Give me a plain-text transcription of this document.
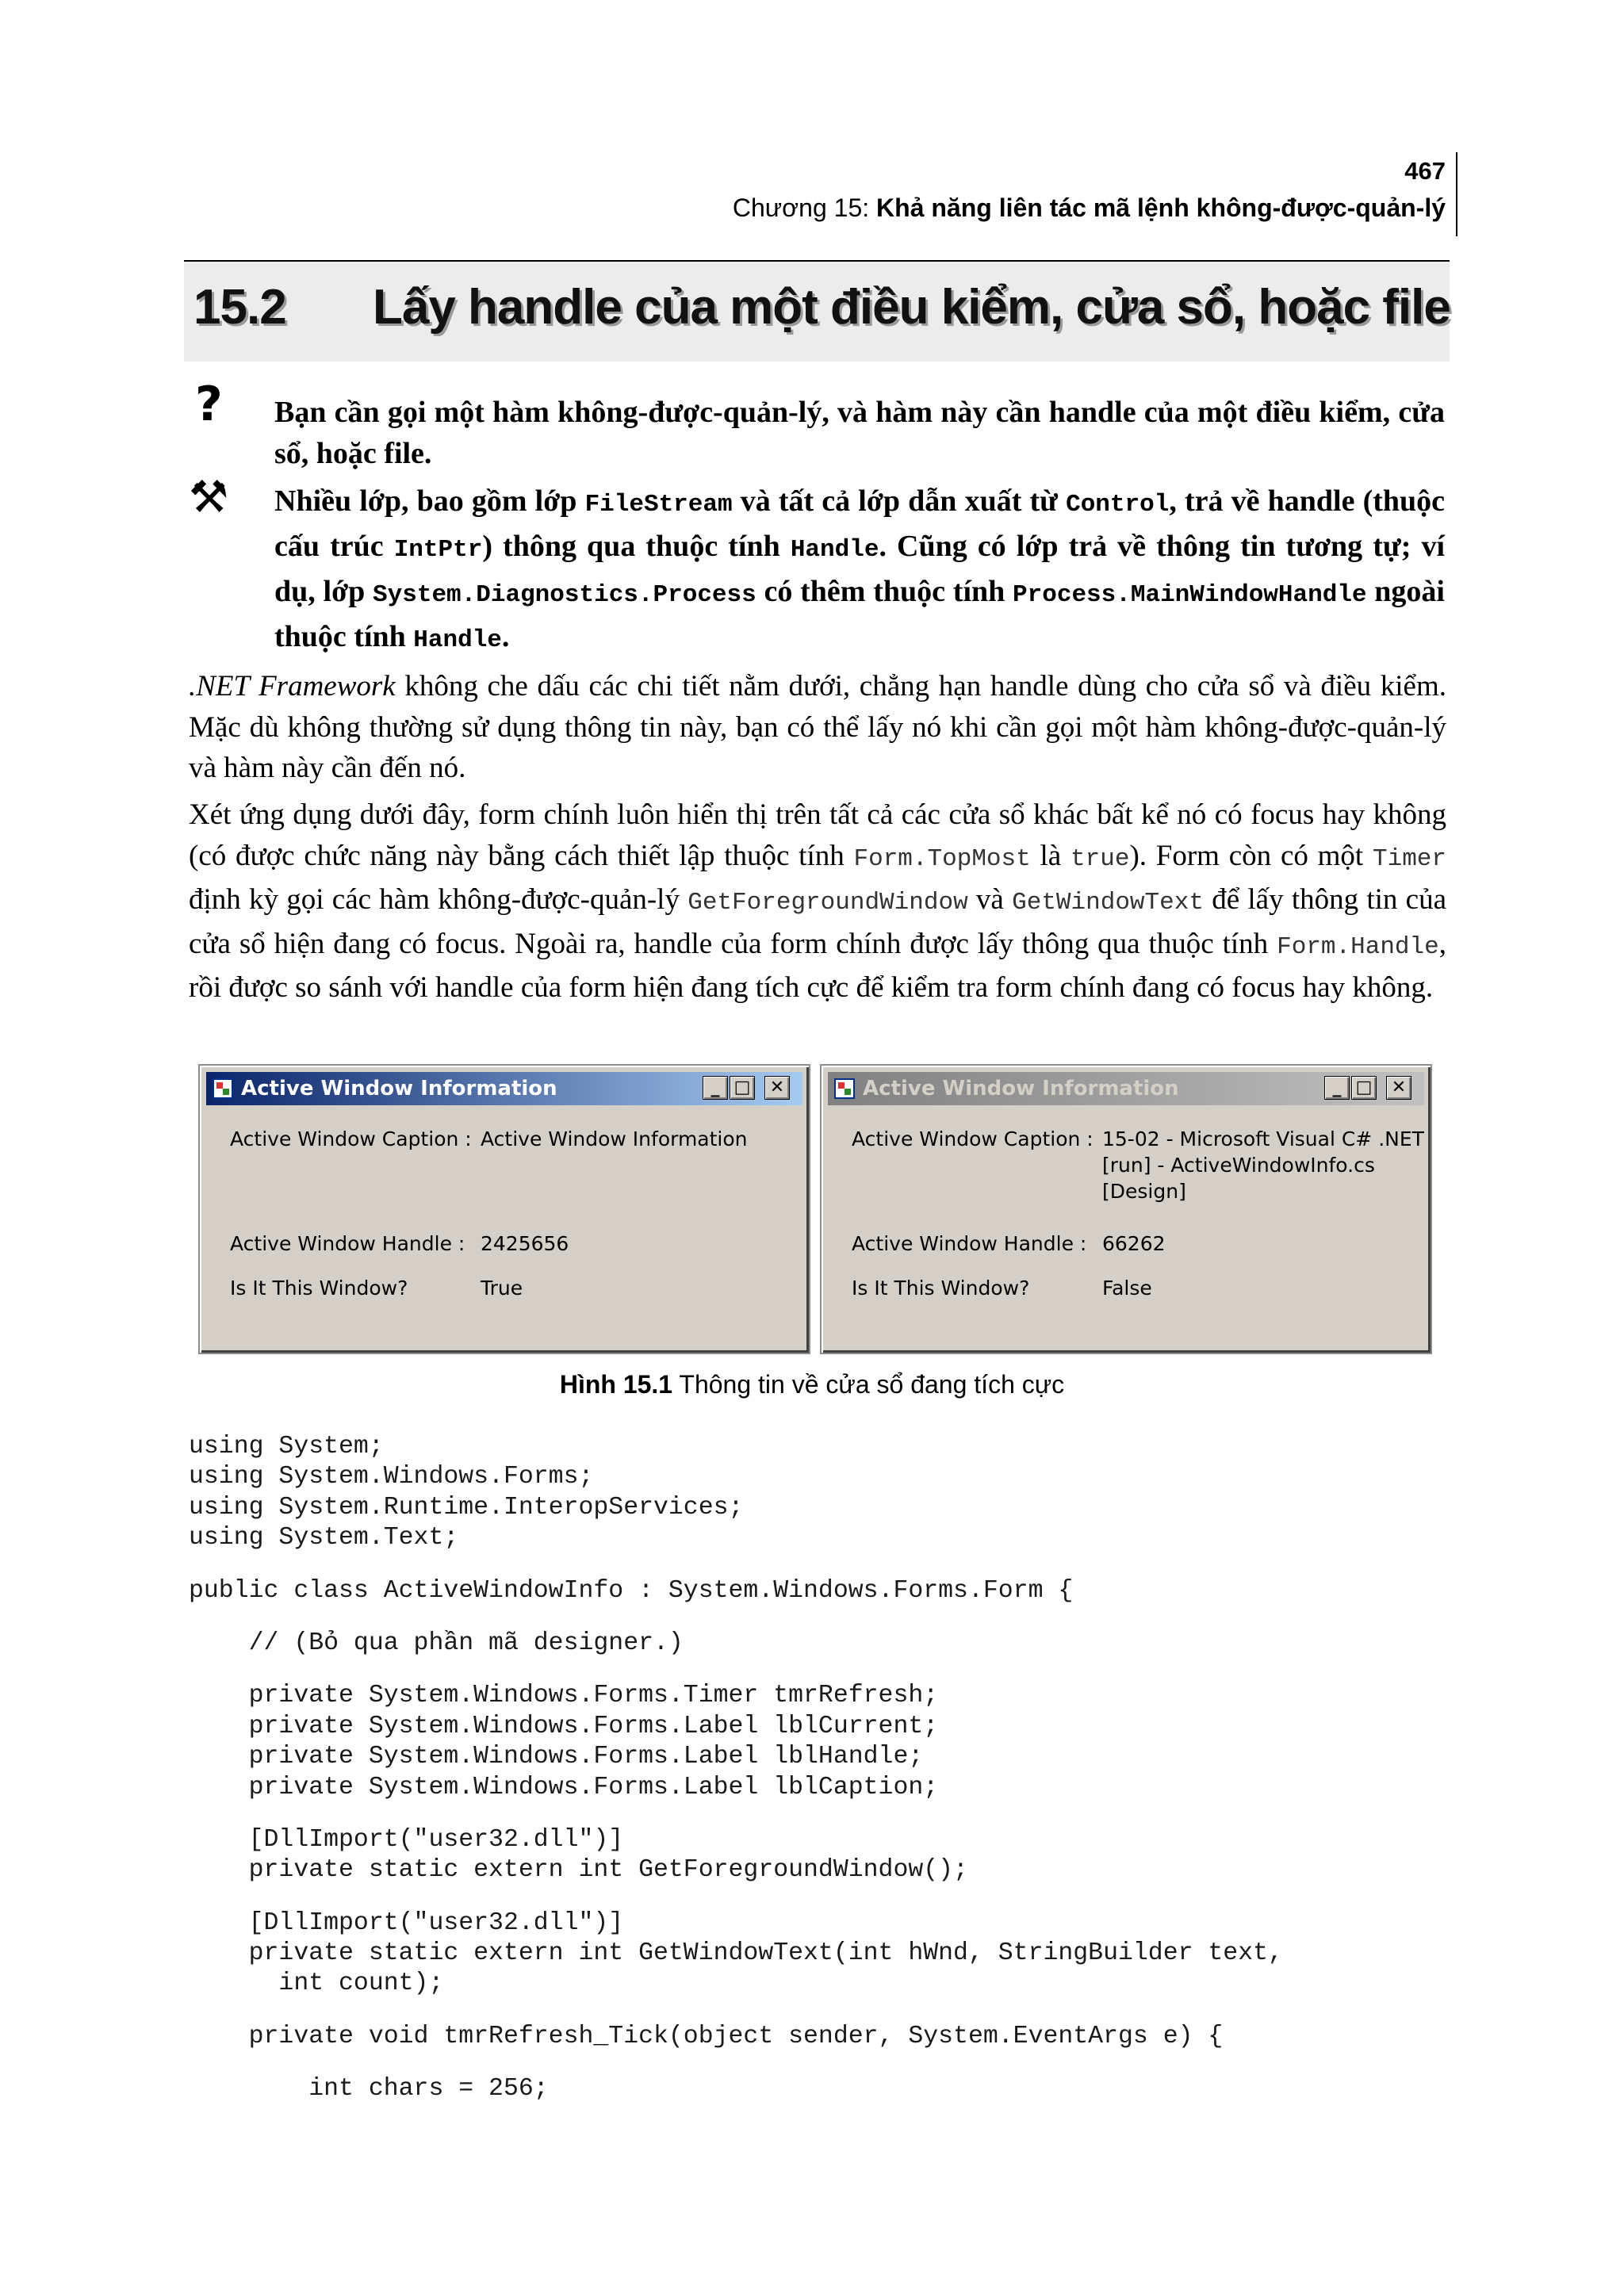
467
Chương 15: Khả năng liên tác mã lệnh không-được-quản-lý
15.2 Lấy handle của một điều kiểm, cửa sổ, hoặc file
? Bạn cần gọi một hàm không-được-quản-lý, và hàm này cần handle của một điều kiểm, cửa sổ, hoặc file.
⚒ Nhiều lớp, bao gồm lớp FileStream và tất cả lớp dẫn xuất từ Control, trả về handle (thuộc cấu trúc IntPtr) thông qua thuộc tính Handle. Cũng có lớp trả về thông tin tương tự; ví dụ, lớp System.Diagnostics.Process có thêm thuộc tính Process.MainWindowHandle ngoài thuộc tính Handle.
.NET Framework không che dấu các chi tiết nằm dưới, chẳng hạn handle dùng cho cửa sổ và điều kiểm. Mặc dù không thường sử dụng thông tin này, bạn có thể lấy nó khi cần gọi một hàm không-được-quản-lý và hàm này cần đến nó.
Xét ứng dụng dưới đây, form chính luôn hiển thị trên tất cả các cửa sổ khác bất kể nó có focus hay không (có được chức năng này bằng cách thiết lập thuộc tính Form.TopMost là true). Form còn có một Timer định kỳ gọi các hàm không-được-quản-lý GetForegroundWindow và GetWindowText để lấy thông tin của cửa sổ hiện đang có focus. Ngoài ra, handle của form chính được lấy thông qua thuộc tính Form.Handle, rồi được so sánh với handle của form hiện đang tích cực để kiểm tra form chính đang có focus hay không.
Active Window Information	_ □	✕
Active Window Caption : Active Window Information
Active Window Handle : 2425656
Is It This Window?	True
Active Window Information	_ □	✕
Active Window Caption : 15-02 - Microsoft Visual C# .NET
[run] - ActiveWindowInfo.cs
[Design]
Active Window Handle : 66262
Is It This Window?	False
Hình 15.1 Thông tin về cửa sổ đang tích cực
using System;
using System.Windows.Forms;
using System.Runtime.InteropServices;
using System.Text;
public class ActiveWindowInfo : System.Windows.Forms.Form {
// (Bỏ qua phần mã designer.)
private System.Windows.Forms.Timer tmrRefresh;
private System.Windows.Forms.Label lblCurrent;
private System.Windows.Forms.Label lblHandle;
private System.Windows.Forms.Label lblCaption;
[DllImport("user32.dll")]
private static extern int GetForegroundWindow();
[DllImport("user32.dll")]
private static extern int GetWindowText(int hWnd, StringBuilder text,
int count);
private void tmrRefresh_Tick(object sender, System.EventArgs e) {
int chars = 256;
